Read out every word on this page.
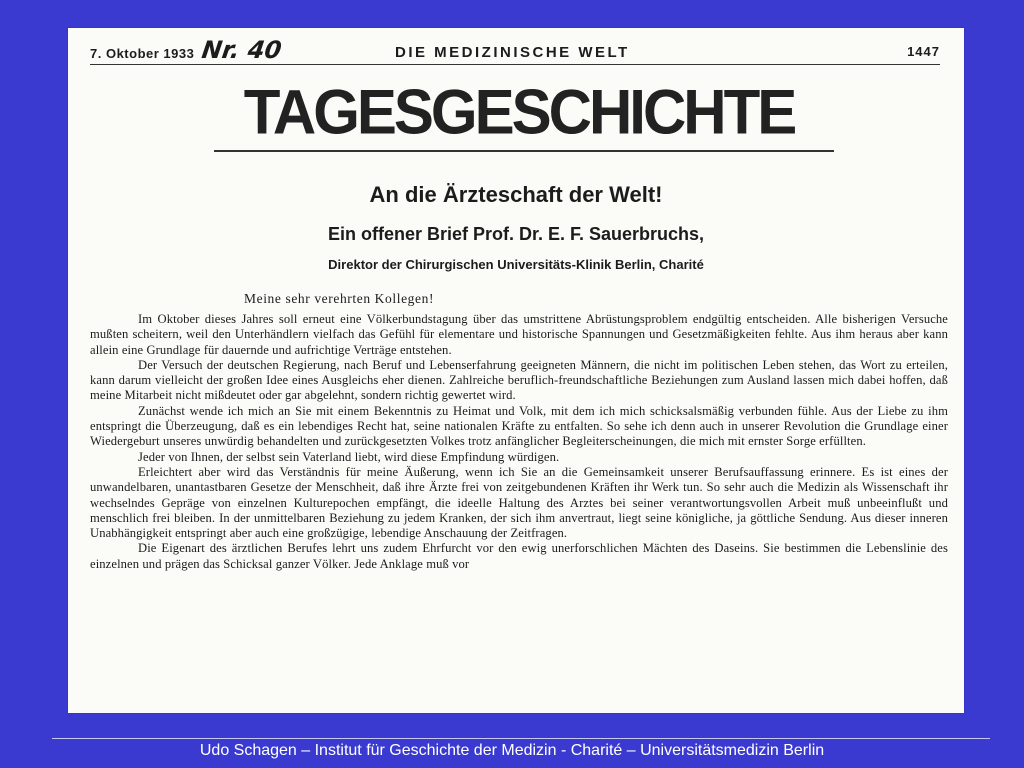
7. Oktober 1933 Nr. 40	DIE MEDIZINISCHE WELT	1447
TAGESGESCHICHTE
An die Ärzteschaft der Welt!
Ein offener Brief Prof. Dr. E. F. Sauerbruchs,
Direktor der Chirurgischen Universitäts-Klinik Berlin, Charité
Meine sehr verehrten Kollegen!

Im Oktober dieses Jahres soll erneut eine Völkerbundstagung über das umstrittene Abrüstungsproblem endgültig entscheiden. Alle bisherigen Versuche mußten scheitern, weil den Unterhändlern vielfach das Gefühl für elementare und historische Spannungen und Gesetzmäßigkeiten fehlte. Aus ihm heraus aber kann allein eine Grundlage für dauernde und aufrichtige Verträge entstehen.

Der Versuch der deutschen Regierung, nach Beruf und Lebenserfahrung geeigneten Männern, die nicht im politischen Leben stehen, das Wort zu erteilen, kann darum vielleicht der großen Idee eines Ausgleichs eher dienen. Zahlreiche beruflich-freundschaftliche Beziehungen zum Ausland lassen mich dabei hoffen, daß meine Mitarbeit nicht mißdeutet oder gar abgelehnt, sondern richtig gewertet wird.

Zunächst wende ich mich an Sie mit einem Bekenntnis zu Heimat und Volk, mit dem ich mich schicksalsmäßig verbunden fühle. Aus der Liebe zu ihm entspringt die Überzeugung, daß es ein lebendiges Recht hat, seine nationalen Kräfte zu entfalten. So sehe ich denn auch in unserer Revolution die Grundlage einer Wiedergeburt unseres unwürdig behandelten und zurückgesetzten Volkes trotz anfänglicher Begleiterscheinungen, die mich mit ernster Sorge erfüllten.

Jeder von Ihnen, der selbst sein Vaterland liebt, wird diese Empfindung würdigen.

Erleichtert aber wird das Verständnis für meine Äußerung, wenn ich Sie an die Gemeinsamkeit unserer Berufsauffassung erinnere. Es ist eines der unwandelbaren, unantastbaren Gesetze der Menschheit, daß ihre Ärzte frei von zeitgebundenen Kräften ihr Werk tun. So sehr auch die Medizin als Wissenschaft ihr wechselndes Gepräge von einzelnen Kulturepochen empfängt, die ideelle Haltung des Arztes bei seiner verantwortungsvollen Arbeit muß unbeeinflußt und menschlich frei bleiben. In der unmittelbaren Beziehung zu jedem Kranken, der sich ihm anvertraut, liegt seine königliche, ja göttliche Sendung. Aus dieser inneren Unabhängigkeit entspringt aber auch eine großzügige, lebendige Anschauung der Zeitfragen.

Die Eigenart des ärztlichen Berufes lehrt uns zudem Ehrfurcht vor den ewig unerforschlichen Mächten des Daseins. Sie bestimmen die Lebenslinie des einzelnen und prägen das Schicksal ganzer Völker. Jede Anklage muß vor

Udo Schagen – Institut für Geschichte der Medizin - Charité – Universitätsmedizin Berlin
